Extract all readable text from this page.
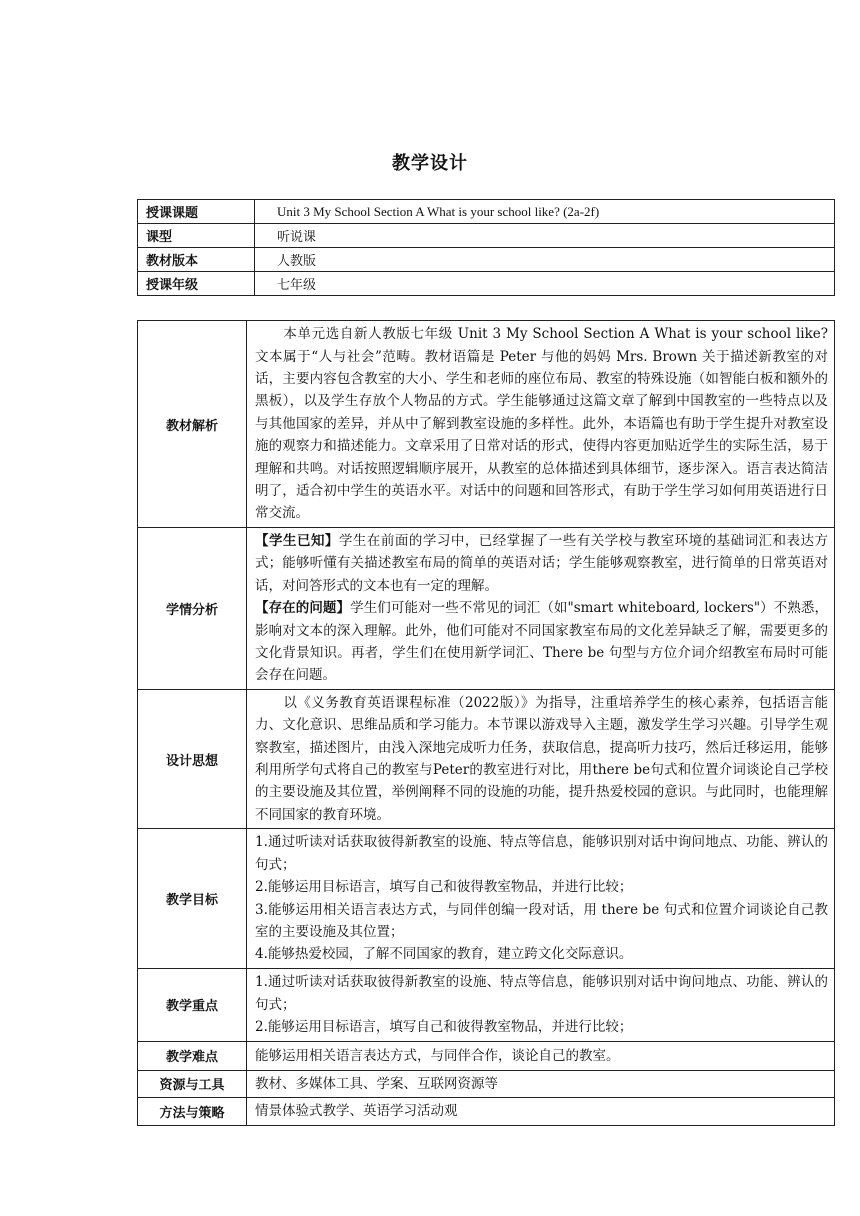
教学设计
授课课题	Unit 3 My School Section A What is your school like? (2a-2f)
课型	听说课
教材版本	人教版
授课年级	七年级
教材解析	本单元选自新人教版七年级 Unit 3 My School Section A What is your school like? 文本属于“人与社会”范畴。教材语篇是 Peter 与他的妈妈 Mrs. Brown 关于描述新教室的对话，主要内容包含教室的大小、学生和老师的座位布局、教室的特殊设施（如智能白板和额外的黑板），以及学生存放个人物品的方式。学生能够通过这篇文章了解到中国教室的一些特点以及与其他国家的差异，并从中了解到教室设施的多样性。此外，本语篇也有助于学生提升对教室设施的观察力和描述能力。文章采用了日常对话的形式，使得内容更加贴近学生的实际生活，易于理解和共鸣。对话按照逻辑顺序展开，从教室的总体描述到具体细节，逐步深入。语言表达简洁明了，适合初中学生的英语水平。对话中的问题和回答形式，有助于学生学习如何用英语进行日常交流。

学情分析	【学生已知】学生在前面的学习中，已经掌握了一些有关学校与教室环境的基础词汇和表达方式；能够听懂有关描述教室布局的简单的英语对话；学生能够观察教室，进行简单的日常英语对话，对问答形式的文本也有一定的理解。

【存在的问题】学生们可能对一些不常见的词汇（如"smart whiteboard, lockers"）不熟悉，影响对文本的深入理解。此外，他们可能对不同国家教室布局的文化差异缺乏了解，需要更多的文化背景知识。再者，学生们在使用新学词汇、There be 句型与方位介词介绍教室布局时可能会存在问题。

设计思想	以《义务教育英语课程标准（2022版）》为指导，注重培养学生的核心素养，包括语言能力、文化意识、思维品质和学习能力。本节课以游戏导入主题，激发学生学习兴趣。引导学生观察教室，描述图片，由浅入深地完成听力任务，获取信息，提高听力技巧，然后迁移运用，能够利用所学句式将自己的教室与Peter的教室进行对比，用there be句式和位置介词谈论自己学校的主要设施及其位置，举例阐释不同的设施的功能，提升热爱校园的意识。与此同时，也能理解不同国家的教育环境。

教学目标	1.通过听读对话获取彼得新教室的设施、特点等信息，能够识别对话中询问地点、功能、辨认的句式；

2.能够运用目标语言，填写自己和彼得教室物品，并进行比较；

3.能够运用相关语言表达方式，与同伴创编一段对话，用 there be 句式和位置介词谈论自己教室的主要设施及其位置；

4.能够热爱校园，了解不同国家的教育，建立跨文化交际意识。

教学重点	1.通过听读对话获取彼得新教室的设施、特点等信息，能够识别对话中询问地点、功能、辨认的句式；

2.能够运用目标语言，填写自己和彼得教室物品，并进行比较；

教学难点	能够运用相关语言表达方式，与同伴合作，谈论自己的教室。
资源与工具	教材、多媒体工具、学案、互联网资源等
方法与策略	情景体验式教学、英语学习活动观
